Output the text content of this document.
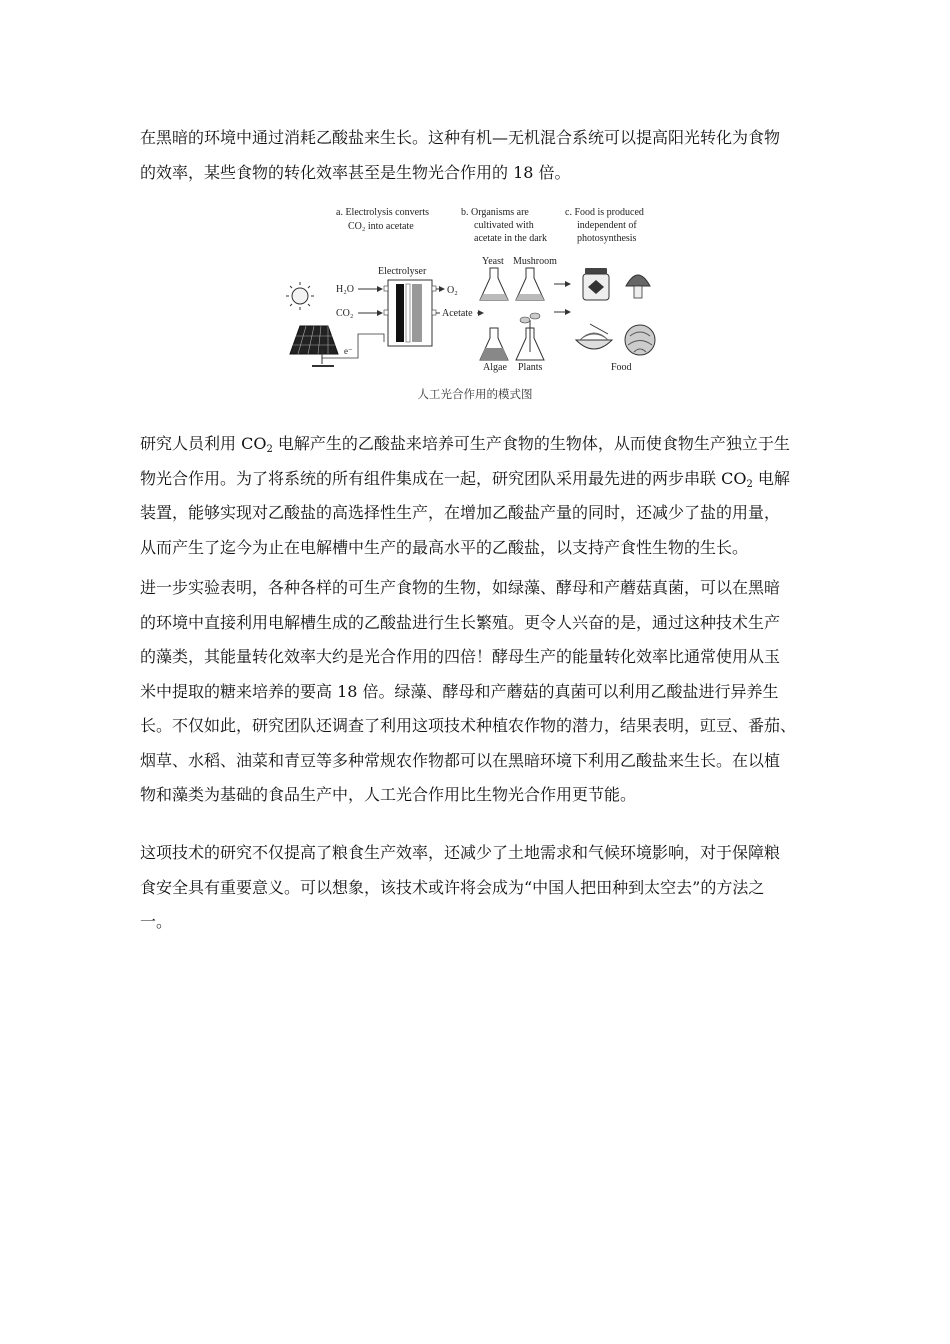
在黑暗的环境中通过消耗乙酸盐来生长。这种有机—无机混合系统可以提高阳光转化为食物
的效率，某些食物的转化效率甚至是生物光合作用的 18 倍。
a. Electrolysis converts
CO₂ into acetate
b. Organisms are
cultivated with
acetate in the dark
c. Food is produced
independent of
photosynthesis
Electrolyser
H₂O
CO₂
O₂
Acetate
e⁻
Yeast Mushroom
Algae Plants	Food
人工光合作用的模式图
研究人员利用 $CO_2$ 电解产生的乙酸盐来培养可生产食物的生物体，从而使食物生产独立于生
物光合作用。为了将系统的所有组件集成在一起，研究团队采用最先进的两步串联 $CO_2$ 电解
装置，能够实现对乙酸盐的高选择性生产，在增加乙酸盐产量的同时，还减少了盐的用量，
从而产生了迄今为止在电解槽中生产的最高水平的乙酸盐，以支持产食性生物的生长。
进一步实验表明，各种各样的可生产食物的生物，如绿藻、酵母和产蘑菇真菌，可以在黑暗
的环境中直接利用电解槽生成的乙酸盐进行生长繁殖。更令人兴奋的是，通过这种技术生产
的藻类，其能量转化效率大约是光合作用的四倍！酵母生产的能量转化效率比通常使用从玉
米中提取的糖来培养的要高 18 倍。绿藻、酵母和产蘑菇的真菌可以利用乙酸盐进行异养生
长。不仅如此，研究团队还调查了利用这项技术种植农作物的潜力，结果表明，豇豆、番茄、
烟草、水稻、油菜和青豆等多种常规农作物都可以在黑暗环境下利用乙酸盐来生长。在以植
物和藻类为基础的食品生产中，人工光合作用比生物光合作用更节能。
这项技术的研究不仅提高了粮食生产效率，还减少了土地需求和气候环境影响，对于保障粮
食安全具有重要意义。可以想象，该技术或许将会成为“中国人把田种到太空去”的方法之
一。
